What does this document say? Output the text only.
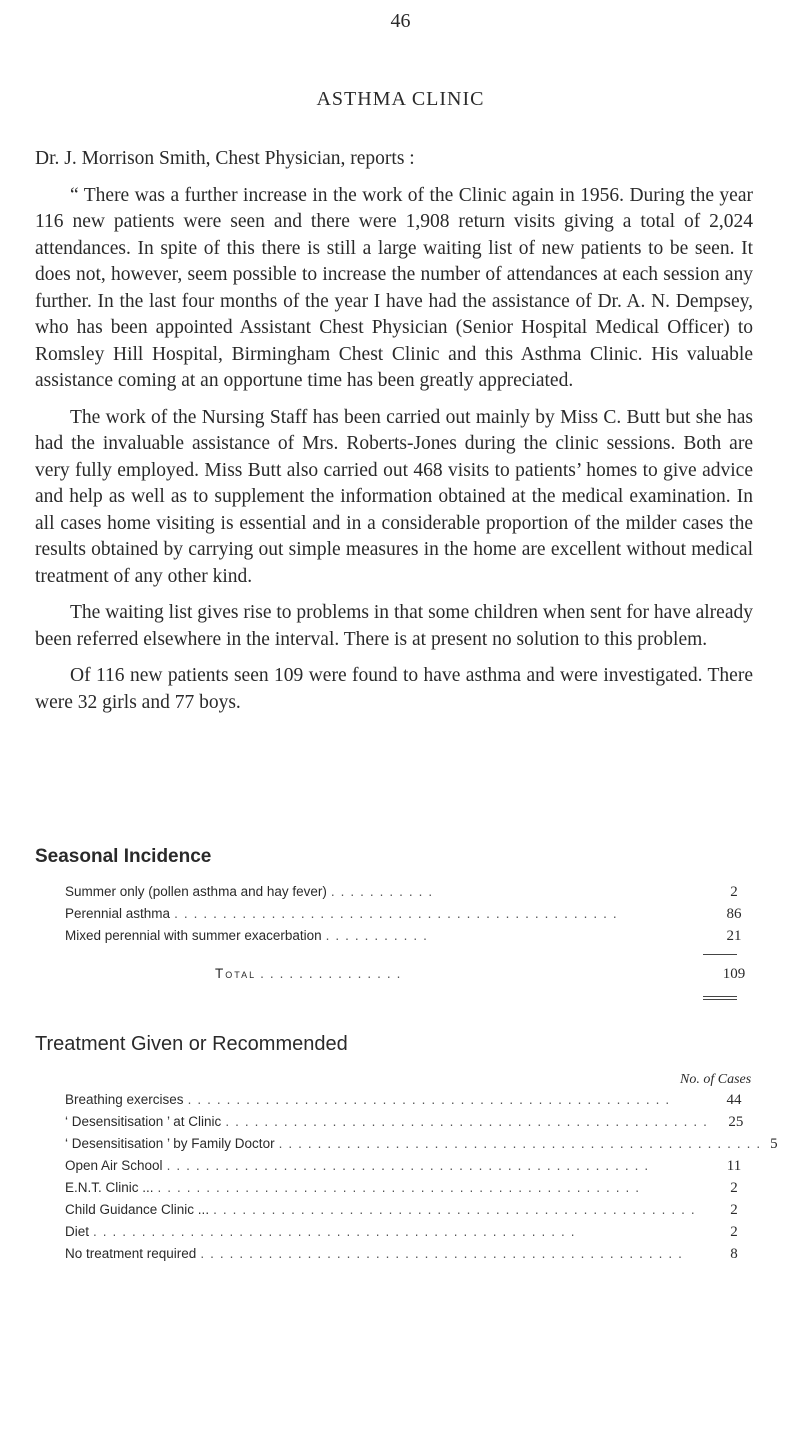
46
ASTHMA CLINIC

Dr. J. Morrison Smith, Chest Physician, reports :

“ There was a further increase in the work of the Clinic again in 1956. During the year 116 new patients were seen and there were 1,908 return visits giving a total of 2,024 attendances. In spite of this there is still a large waiting list of new patients to be seen. It does not, however, seem possible to increase the number of attendances at each session any further. In the last four months of the year I have had the assistance of Dr. A. N. Dempsey, who has been appointed Assistant Chest Physician (Senior Hospital Medical Officer) to Romsley Hill Hospital, Birmingham Chest Clinic and this Asthma Clinic. His valuable assistance coming at an opportune time has been greatly appreciated.

The work of the Nursing Staff has been carried out mainly by Miss C. Butt but she has had the invaluable assistance of Mrs. Roberts-Jones during the clinic sessions. Both are very fully employed. Miss Butt also carried out 468 visits to patients’ homes to give advice and help as well as to supplement the information obtained at the medical examination. In all cases home visiting is essential and in a considerable proportion of the milder cases the results obtained by carrying out simple measures in the home are excellent without medical treatment of any other kind.

The waiting list gives rise to problems in that some children when sent for have already been referred elsewhere in the interval. There is at present no solution to this problem.

Of 116 new patients seen 109 were found to have asthma and were investigated. There were 32 girls and 77 boys.

Seasonal Incidence
Summer only (pollen asthma and hay fever) ...........	2
Perennial asthma ..............................................	86
Mixed perennial with summer exacerbation ...........	21
Total ...............	109
Treatment Given or Recommended
No. of Cases
Breathing exercises ..................................................	44
‘ Desensitisation ’ at Clinic ..................................................	25
‘ Desensitisation ’ by Family Doctor .................................................. 5
Open Air School ..................................................	11
E.N.T. Clinic ... ..................................................	2
Child Guidance Clinic ... ..................................................	2
Diet ..................................................	2
No treatment required ..................................................	8
